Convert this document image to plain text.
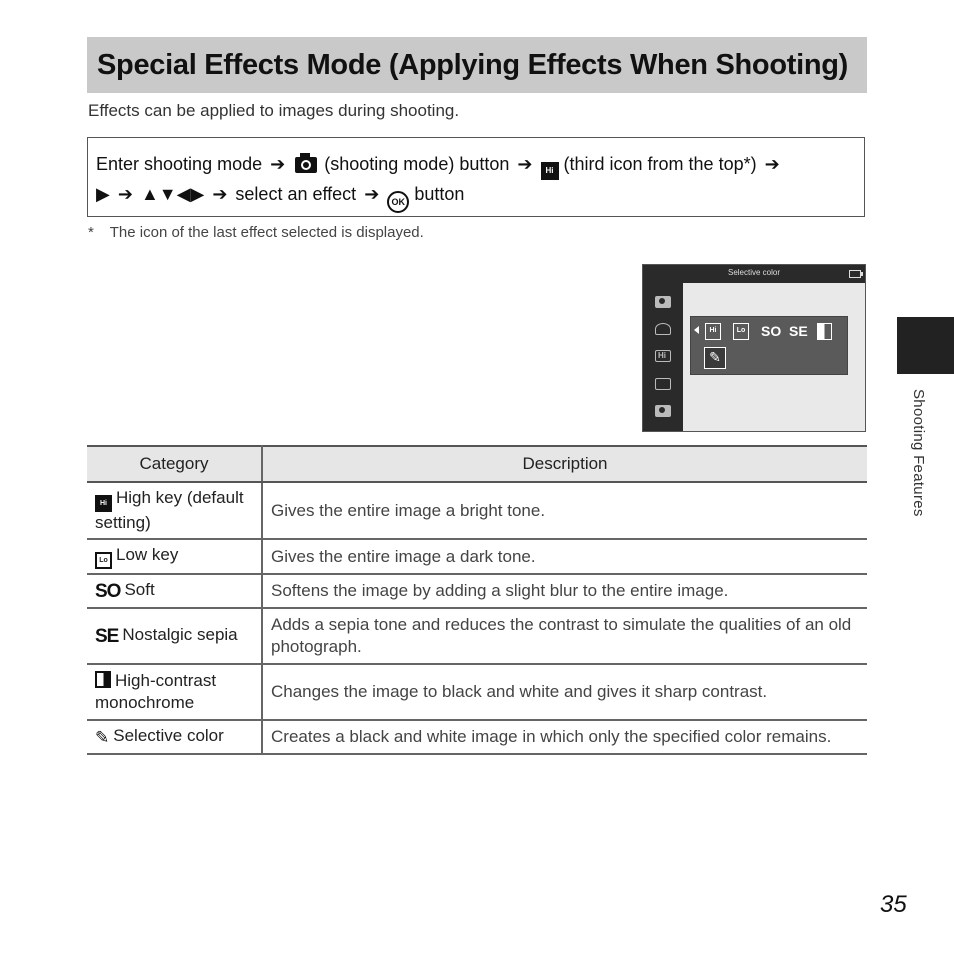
Special Effects Mode (Applying Effects When Shooting)
Effects can be applied to images during shooting.
Enter shooting mode ➔ (shooting mode) button ➔ Hi (third icon from the top*) ➔
▶ ➔ ▲▼◀▶ ➔ select an effect ➔ OK button
* The icon of the last effect selected is displayed.
Selective color
Hi
Hi	Lo SO SE
✎
Category	Description
Hi High key (default setting)	Gives the entire image a bright tone.
Lo Low key	Gives the entire image a dark tone.
SO Soft	Softens the image by adding a slight blur to the entire image.
SE Nostalgic sepia	Adds a sepia tone and reduces the contrast to simulate the qualities of an old photograph.
High-contrast monochrome	Changes the image to black and white and gives it sharp contrast.
✎ Selective color	Creates a black and white image in which only the specified color remains.
Shooting Features
35
